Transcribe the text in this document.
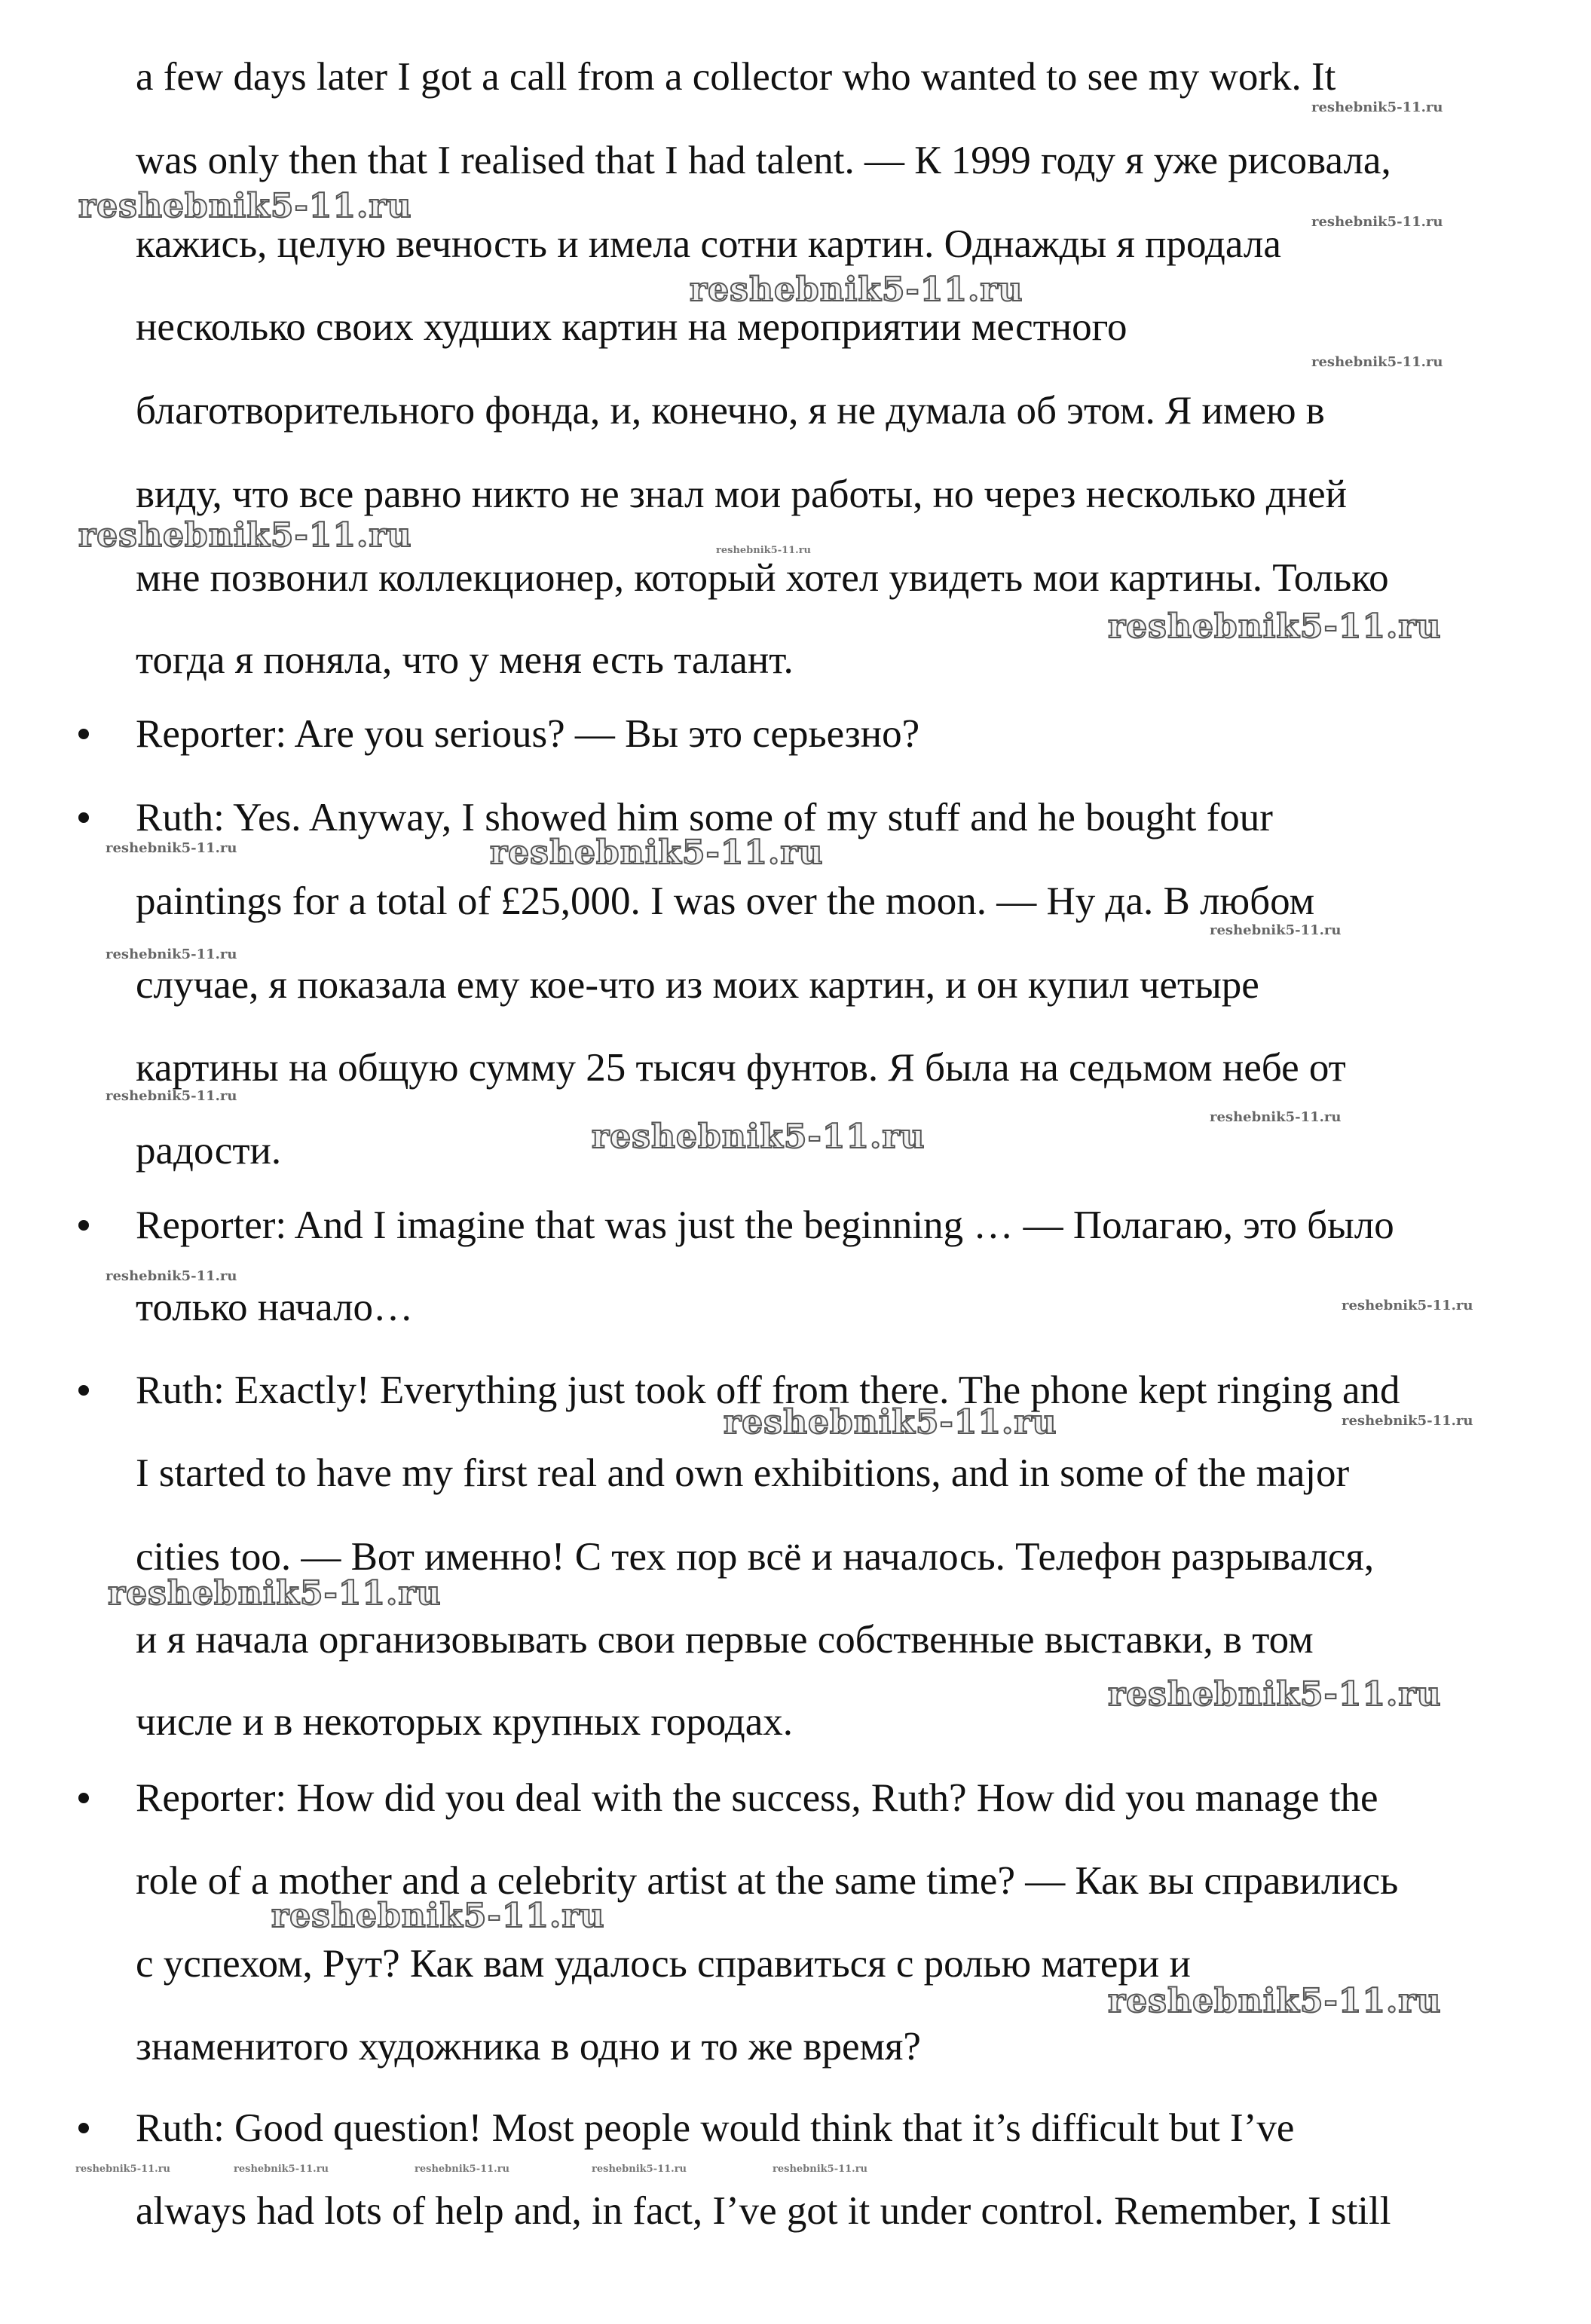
a few days later I got a call from a collector who wanted to see my work. It
was only then that I realised that I had talent. — К 1999 году я уже рисовала,
кажись, целую вечность и имела сотни картин. Однажды я продала
несколько своих худших картин на мероприятии местного
благотворительного фонда, и, конечно, я не думала об этом. Я имею в
виду, что все равно никто не знал мои работы, но через несколько дней
мне позвонил коллекционер, который хотел увидеть мои картины. Только
тогда я поняла, что у меня есть талант.
Reporter: Are you serious? — Вы это серьезно?
Ruth: Yes. Anyway, I showed him some of my stuff and he bought four
paintings for a total of £25,000. I was over the moon. — Ну да. В любом
случае, я показала ему кое-что из моих картин, и он купил четыре
картины на общую сумму 25 тысяч фунтов. Я была на седьмом небе от
радости.
Reporter: And I imagine that was just the beginning … — Полагаю, это было
только начало…
Ruth: Exactly! Everything just took off from there. The phone kept ringing and
I started to have my first real and own exhibitions, and in some of the major
cities too. — Вот именно! С тех пор всё и началось. Телефон разрывался,
и я начала организовывать свои первые собственные выставки, в том
числе и в некоторых крупных городах.
Reporter: How did you deal with the success, Ruth? How did you manage the
role of a mother and a celebrity artist at the same time? — Как вы справились
с успехом, Рут? Как вам удалось справиться с ролью матери и
знаменитого художника в одно и то же время?
Ruth: Good question! Most people would think that it’s difficult but I’ve
always had lots of help and, in fact, I’ve got it under control. Remember, I still
reshebnik5-11.ru
reshebnik5-11.ru	reshebnik5-11.ru
reshebnik5-11.ru
reshebnik5-11.ru
reshebnik5-11.ru	reshebnik5-11.ru
reshebnik5-11.ru
reshebnik5-11.ru	reshebnik5-11.ru
reshebnik5-11.ru
reshebnik5-11.ru
reshebnik5-11.ru
reshebnik5-11.ru
reshebnik5-11.ru
reshebnik5-11.ru
reshebnik5-11.ru
reshebnik5-11.ru	reshebnik5-11.ru
reshebnik5-11.ru
reshebnik5-11.ru
reshebnik5-11.ru
reshebnik5-11.ru
reshebnik5-11.ru	reshebnik5-11.ru	reshebnik5-11.ru	reshebnik5-11.ru	reshebnik5-11.ru
